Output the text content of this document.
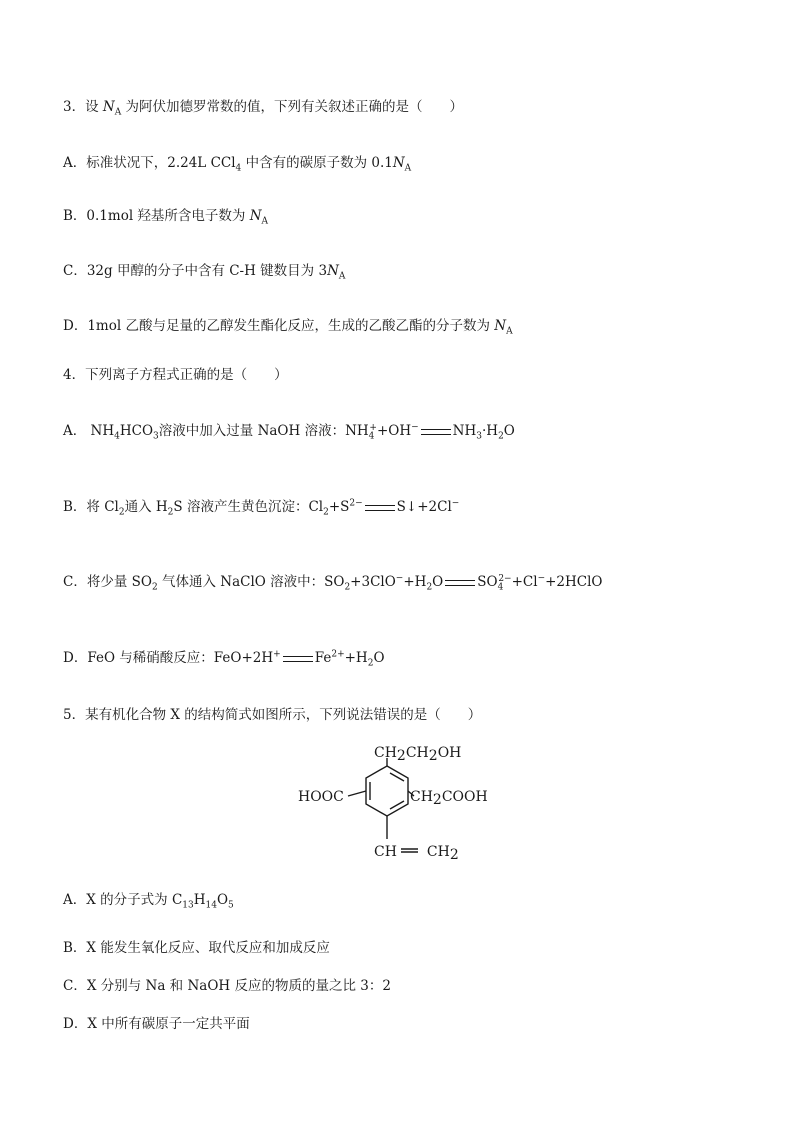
3．设 $N_A$ 为阿伏加德罗常数的值，下列有关叙述正确的是（　　）
A．标准状况下，2.24L CCl$_4$ 中含有的碳原子数为 $0.1N_A$
B．0.1mol 羟基所含电子数为 $N_A$
C．32g 甲醇的分子中含有 C-H 键数目为 $3N_A$
D．1mol 乙酸与足量的乙醇发生酯化反应，生成的乙酸乙酯的分子数为 $N_A$
4．下列离子方程式正确的是（　　）
A． $NH_4HCO_3$溶液中加入过量 NaOH 溶液：$NH_4^++OH^-$	$NH_3\cdot H_2O$
B．将 $Cl_2$通入 $H_2S$ 溶液产生黄色沉淀：$Cl_2+S^{2-}$	S↓+2Cl−
C．将少量 $SO_2$ 气体通入 NaClO 溶液中：$SO_2+3ClO^-+H_2O$	$SO_4^{2-}+Cl^-+2HClO$
D．FeO 与稀硝酸反应：FeO+2H+	$Fe^{2+}+H_2O$
5．某有机化合物 X 的结构简式如图所示，下列说法错误的是（　　）
CH2CH2OH
HOOC	CH2COOH
CH CH2
A．X 的分子式为 $C_{13}H_{14}O_5$
B．X 能发生氧化反应、取代反应和加成反应
C．X 分别与 Na 和 NaOH 反应的物质的量之比 3：2
D．X 中所有碳原子一定共平面
